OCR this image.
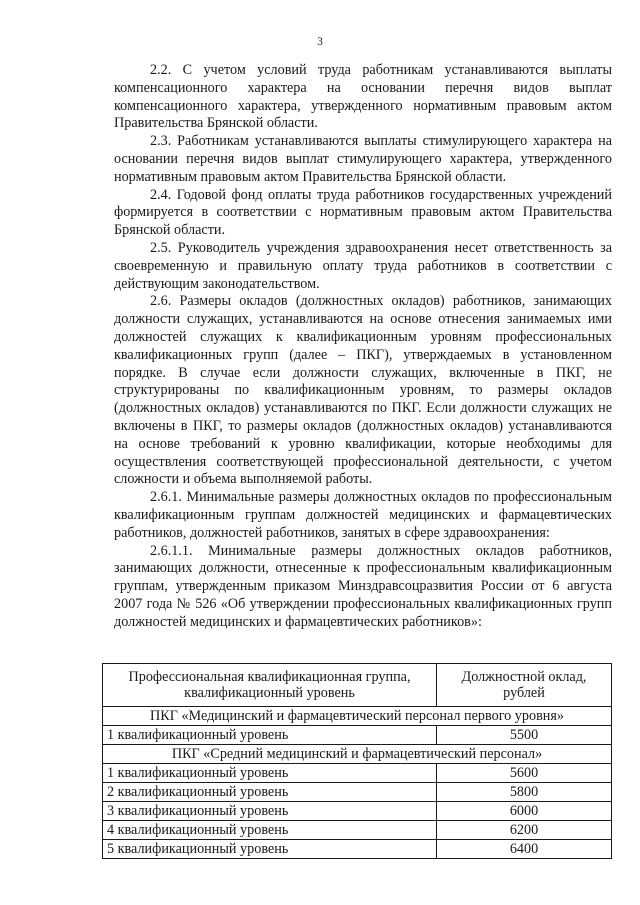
3

2.2. С учетом условий труда работникам устанавливаются выплаты компенсационного характера на основании перечня видов выплат компенсационного характера, утвержденного нормативным правовым актом Правительства Брянской области.

2.3. Работникам устанавливаются выплаты стимулирующего характера на основании перечня видов выплат стимулирующего характера, утвержденного нормативным правовым актом Правительства Брянской области.

2.4. Годовой фонд оплаты труда работников государственных учреждений формируется в соответствии с нормативным правовым актом Правительства Брянской области.

2.5. Руководитель учреждения здравоохранения несет ответственность за своевременную и правильную оплату труда работников в соответствии с действующим законодательством.

2.6. Размеры окладов (должностных окладов) работников, занимающих должности служащих, устанавливаются на основе отнесения занимаемых ими должностей служащих к квалификационным уровням профессиональных квалификационных групп (далее – ПКГ), утверждаемых в установленном порядке. В случае если должности служащих, включенные в ПКГ, не структурированы по квалификационным уровням, то размеры окладов (должностных окладов) устанавливаются по ПКГ. Если должности служащих не включены в ПКГ, то размеры окладов (должностных окладов) устанавливаются на основе требований к уровню квалификации, которые необходимы для осуществления соответствующей профессиональной деятельности, с учетом сложности и объема выполняемой работы.

2.6.1. Минимальные размеры должностных окладов по профессиональным квалификационным группам должностей медицинских и фармацевтических работников, должностей работников, занятых в сфере здравоохранения:

2.6.1.1. Минимальные размеры должностных окладов работников, занимающих должности, отнесенные к профессиональным квалификационным группам, утвержденным приказом Минздравсоцразвития России от 6 августа 2007 года № 526 «Об утверждении профессиональных квалификационных групп должностей медицинских и фармацевтических работников»:

Профессиональная квалификационная группа, квалификационный уровень	Должностной оклад, рублей
ПКГ «Медицинский и фармацевтический персонал первого уровня»	
1 квалификационный уровень	5500
ПКГ «Средний медицинский и фармацевтический персонал»	
1 квалификационный уровень	5600
2 квалификационный уровень	5800
3 квалификационный уровень	6000
4 квалификационный уровень	6200
5 квалификационный уровень	6400
